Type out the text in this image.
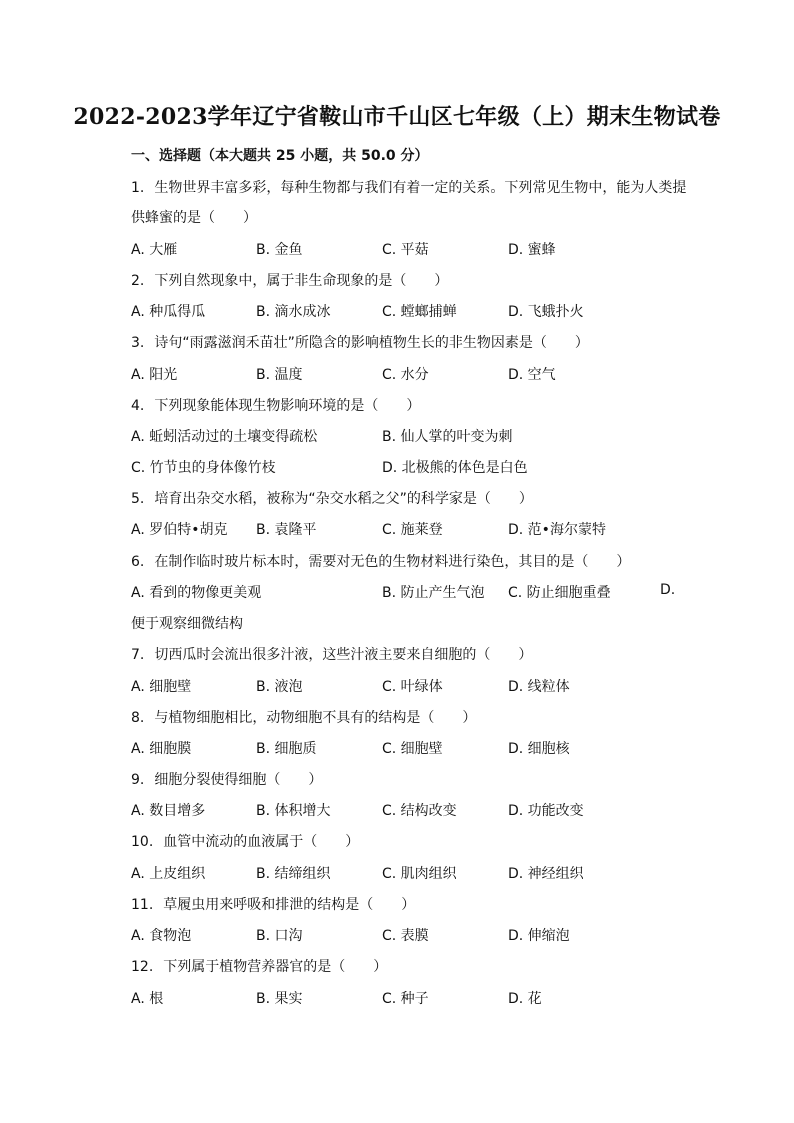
2022-2023学年辽宁省鞍山市千山区七年级（上）期末生物试卷
一、选择题（本大题共 25 小题，共 50.0 分）
1. 生物世界丰富多彩，每种生物都与我们有着一定的关系。下列常见生物中，能为人类提
供蜂蜜的是（　　）
A. 大雁	B. 金鱼	C. 平菇	D. 蜜蜂
2. 下列自然现象中，属于非生命现象的是（　　）
A. 种瓜得瓜	B. 滴水成冰	C. 螳螂捕蝉	D. 飞蛾扑火
3. 诗句“雨露滋润禾苗壮”所隐含的影响植物生长的非生物因素是（　　）
A. 阳光	B. 温度	C. 水分	D. 空气
4. 下列现象能体现生物影响环境的是（　　）
A. 蚯蚓活动过的土壤变得疏松	B. 仙人掌的叶变为刺
C. 竹节虫的身体像竹枝	D. 北极熊的体色是白色
5. 培育出杂交水稻，被称为“杂交水稻之父”的科学家是（　　）
A. 罗伯特•胡克 B. 袁隆平	C. 施莱登	D. 范•海尔蒙特
6. 在制作临时玻片标本时，需要对无色的生物材料进行染色，其目的是（　　）
A. 看到的物像更美观	B. 防止产生气泡 C. 防止细胞重叠	D.
便于观察细微结构
7. 切西瓜时会流出很多汁液，这些汁液主要来自细胞的（　　）
A. 细胞壁	B. 液泡	C. 叶绿体	D. 线粒体
8. 与植物细胞相比，动物细胞不具有的结构是（　　）
A. 细胞膜	B. 细胞质	C. 细胞壁	D. 细胞核
9. 细胞分裂使得细胞（　　）
A. 数目增多	B. 体积增大	C. 结构改变	D. 功能改变
10. 血管中流动的血液属于（　　）
A. 上皮组织	B. 结缔组织	C. 肌肉组织	D. 神经组织
11. 草履虫用来呼吸和排泄的结构是（　　）
A. 食物泡	B. 口沟	C. 表膜	D. 伸缩泡
12. 下列属于植物营养器官的是（　　）
A. 根	B. 果实	C. 种子	D. 花
